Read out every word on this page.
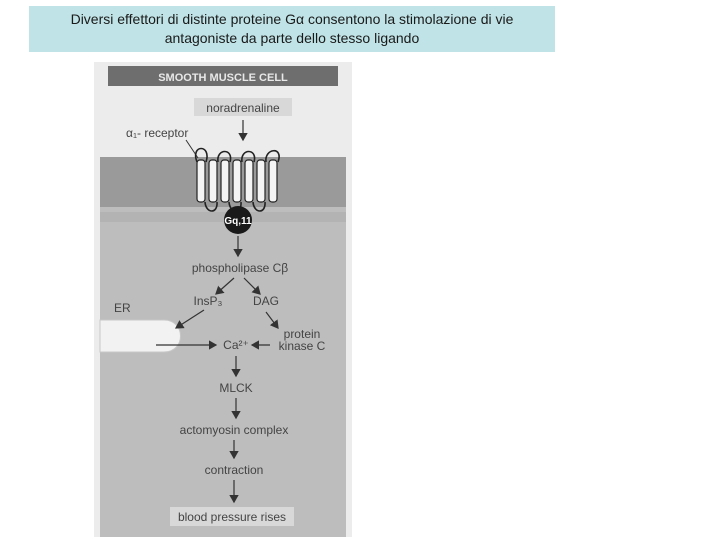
Diversi effettori di distinte proteine Gα consentono la stimolazione di vie
antagoniste da parte dello stesso ligando
SMOOTH MUSCLE CELL
noradrenaline
α₁- receptor
Gq,11
phospholipase Cβ
InsP₃	DAG
ER
protein
kinase C
Ca²⁺
MLCK
actomyosin complex
contraction
blood pressure rises
